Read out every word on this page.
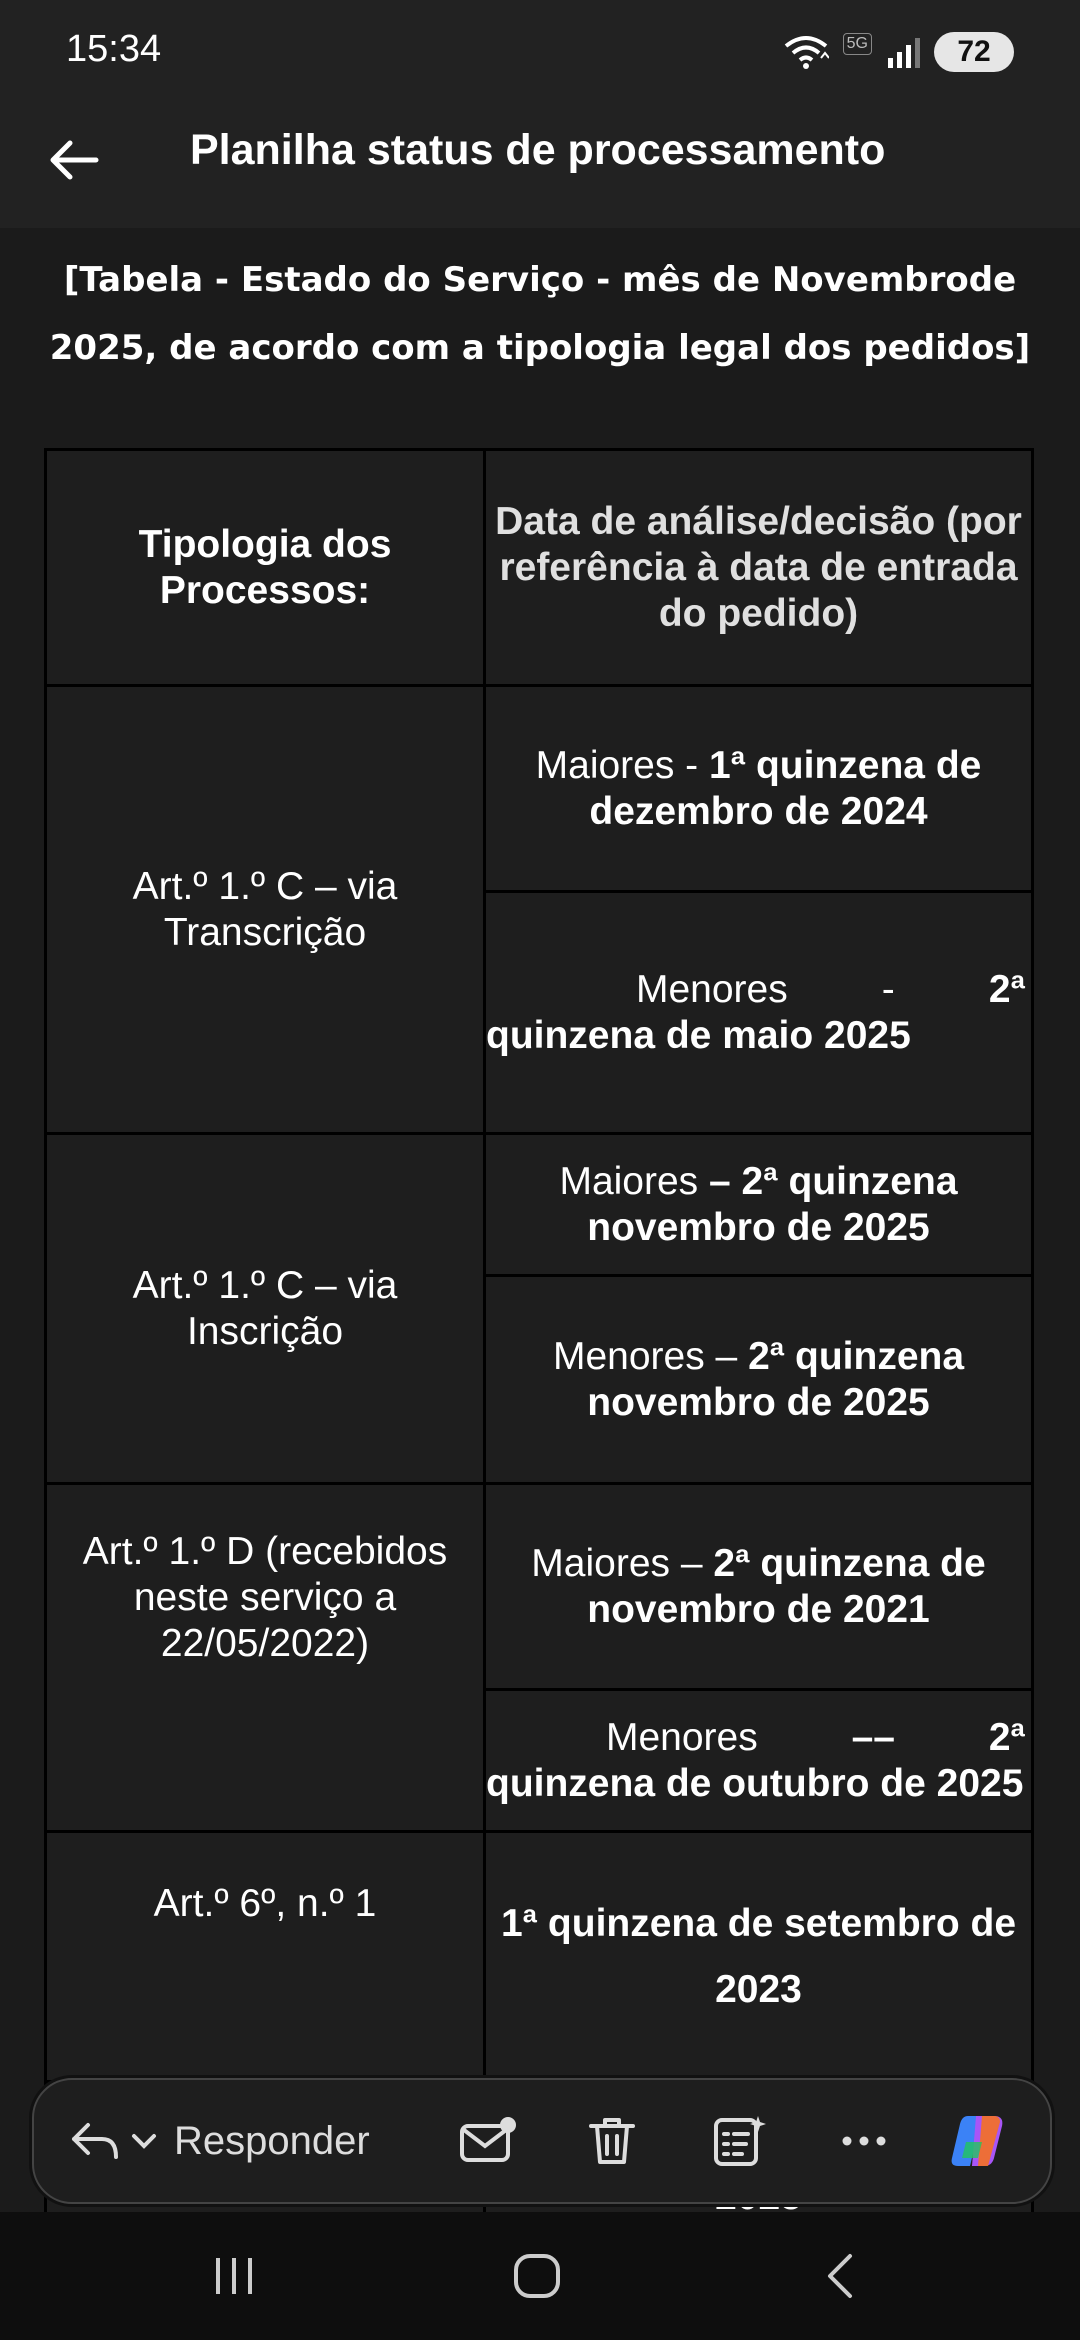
15:34	5G	72
Planilha status de processamento
[Tabela - Estado do Serviço - mês de Novembrode 2025, de acordo com a tipologia legal dos pedidos]
Tipologia dos Processos:	Data de análise/decisão (por referência à data de entrada do pedido)
Art.º 1.º C – via Transcrição	Maiores - 1ª quinzena de dezembro de 2024
	Menores - 2ª quinzena de maio 2025
Art.º 1.º C – via Inscrição	Maiores – 2ª quinzena novembro de 2025
	Menores – 2ª quinzena novembro de 2025
Art.º 1.º D (recebidos neste serviço a 22/05/2022)	Maiores – 2ª quinzena de novembro de 2021
	Menores –– 2ª quinzena de outubro de 2025
Art.º 6º, n.º 1	1ª quinzena de setembro de 2023

Responder
